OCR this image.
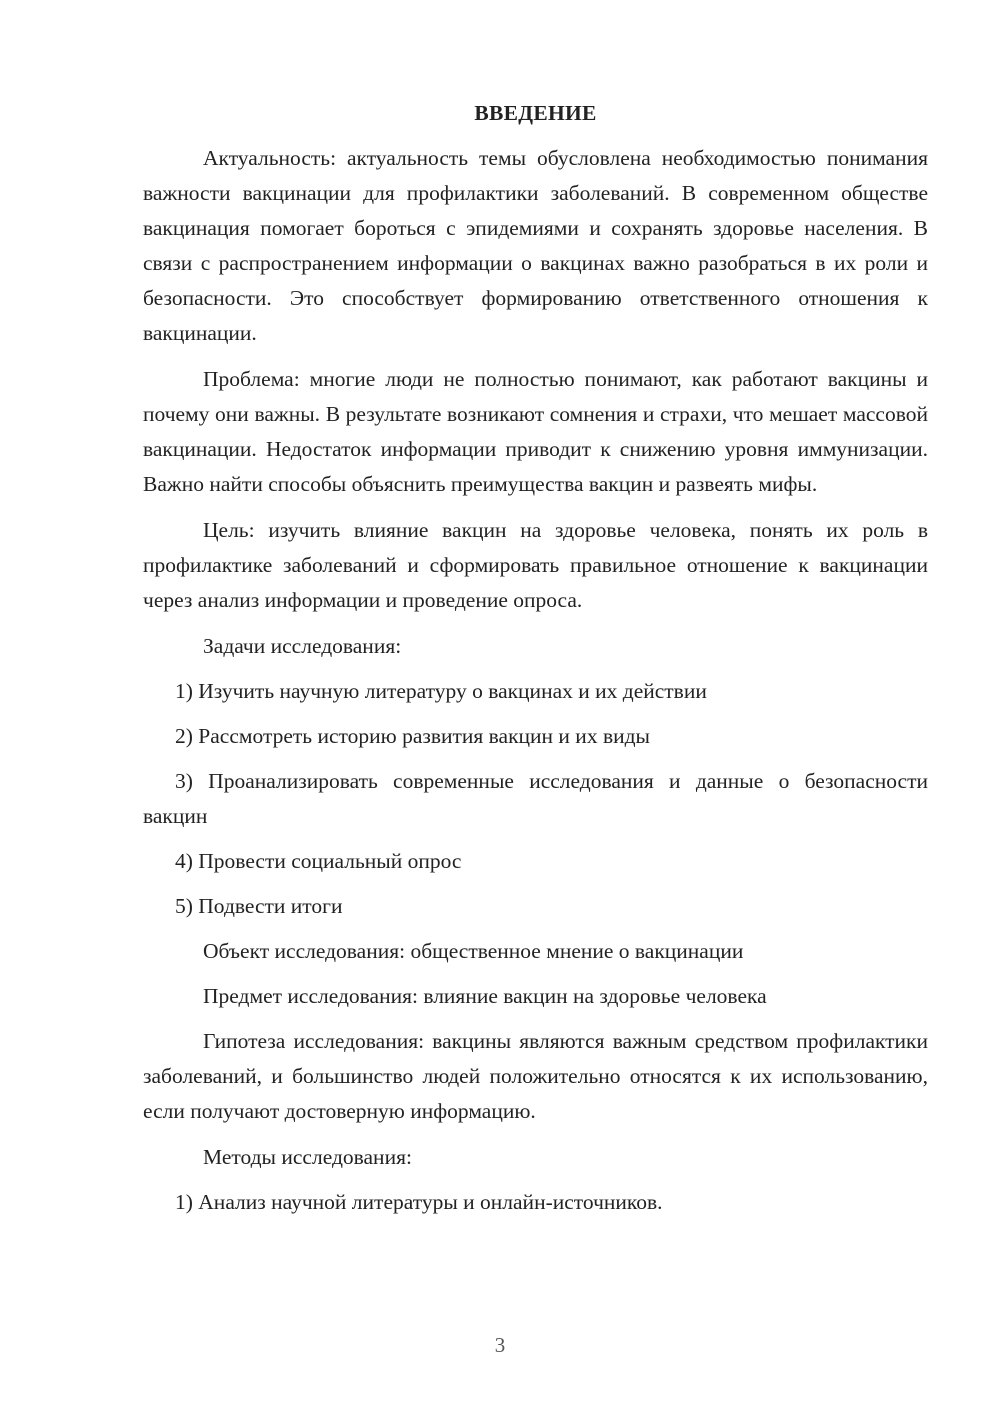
ВВЕДЕНИЕ

Актуальность: актуальность темы обусловлена необходимостью понимания важности вакцинации для профилактики заболеваний. В современном обществе вакцинация помогает бороться с эпидемиями и сохранять здоровье населения. В связи с распространением информации о вакцинах важно разобраться в их роли и безопасности. Это способствует формированию ответственного отношения к вакцинации.

Проблема: многие люди не полностью понимают, как работают вакцины и почему они важны. В результате возникают сомнения и страхи, что мешает массовой вакцинации. Недостаток информации приводит к снижению уровня иммунизации. Важно найти способы объяснить преимущества вакцин и развеять мифы.

Цель: изучить влияние вакцин на здоровье человека, понять их роль в профилактике заболеваний и сформировать правильное отношение к вакцинации через анализ информации и проведение опроса.

Задачи исследования:

1) Изучить научную литературу о вакцинах и их действии

2) Рассмотреть историю развития вакцин и их виды

3) Проанализировать современные исследования и данные о безопасности вакцин

4) Провести социальный опрос

5) Подвести итоги

Объект исследования: общественное мнение о вакцинации

Предмет исследования: влияние вакцин на здоровье человека

Гипотеза исследования: вакцины являются важным средством профилактики заболеваний, и большинство людей положительно относятся к их использованию, если получают достоверную информацию.

Методы исследования:

1) Анализ научной литературы и онлайн-источников.

3
